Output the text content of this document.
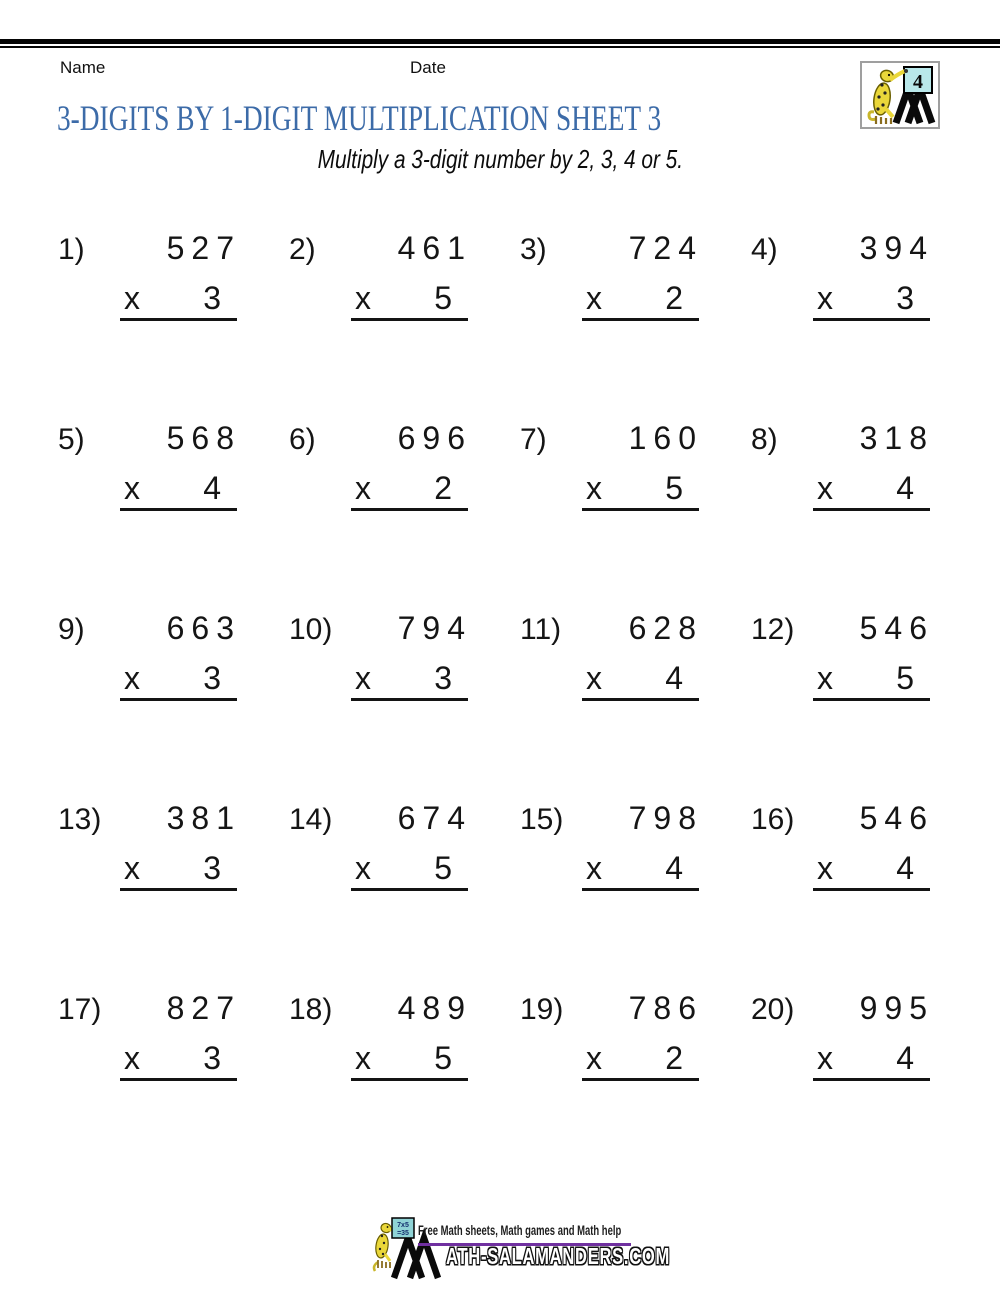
Name	Date
4
3-DIGITS BY 1-DIGIT MULTIPLICATION SHEET 3
Multiply a 3-digit number by 2, 3, 4 or 5.
1)	527
x 3
2)	461
x 5
3)	724
x 2
4)	394
x 3
5)	568
x 4
6)	696
x 2
7)	160
x 5
8)	318
x 4
9)	663
x 3
10)	794
x 3
11)	628
x 4
12)	546
x 5
13)	381
x 3
14)	674
x 5
15)	798
x 4
16)	546
x 4
17)	827
x 3
18)	489
x 5
19)	786
x 2
20)	995
x 4
7x5
=35 Free Math sheets, Math games and Math help
ATH-SALAMANDERS.COM
